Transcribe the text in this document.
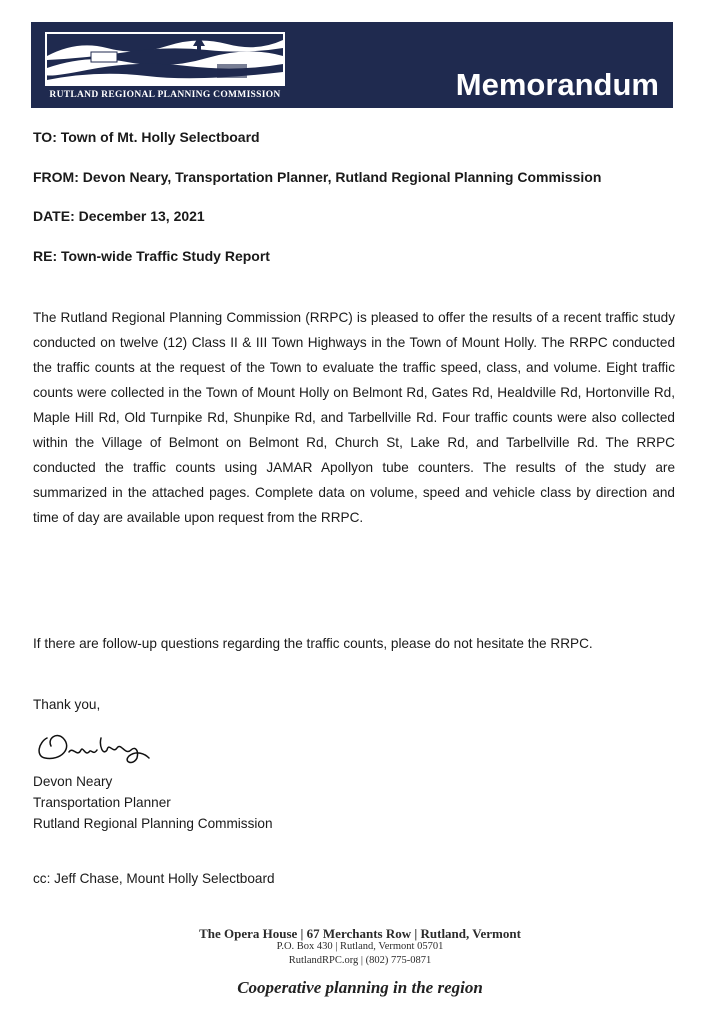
RUTLAND REGIONAL PLANNING COMMISSION	Memorandum
TO: Town of Mt. Holly Selectboard
FROM: Devon Neary, Transportation Planner, Rutland Regional Planning Commission
DATE: December 13, 2021
RE: Town-wide Traffic Study Report

The Rutland Regional Planning Commission (RRPC) is pleased to offer the results of a recent traffic study conducted on twelve (12) Class II & III Town Highways in the Town of Mount Holly. The RRPC conducted the traffic counts at the request of the Town to evaluate the traffic speed, class, and volume. Eight traffic counts were collected in the Town of Mount Holly on Belmont Rd, Gates Rd, Healdville Rd, Hortonville Rd, Maple Hill Rd, Old Turnpike Rd, Shunpike Rd, and Tarbellville Rd. Four traffic counts were also collected within the Village of Belmont on Belmont Rd, Church St, Lake Rd, and Tarbellville Rd. The RRPC conducted the traffic counts using JAMAR Apollyon tube counters. The results of the study are summarized in the attached pages. Complete data on volume, speed and vehicle class by direction and time of day are available upon request from the RRPC.

If there are follow-up questions regarding the traffic counts, please do not hesitate the RRPC.
Thank you,
Devon Neary
Transportation Planner
Rutland Regional Planning Commission
cc: Jeff Chase, Mount Holly Selectboard
The Opera House | 67 Merchants Row | Rutland, Vermont
P.O. Box 430 | Rutland, Vermont 05701
RutlandRPC.org | (802) 775-0871
Cooperative planning in the region
